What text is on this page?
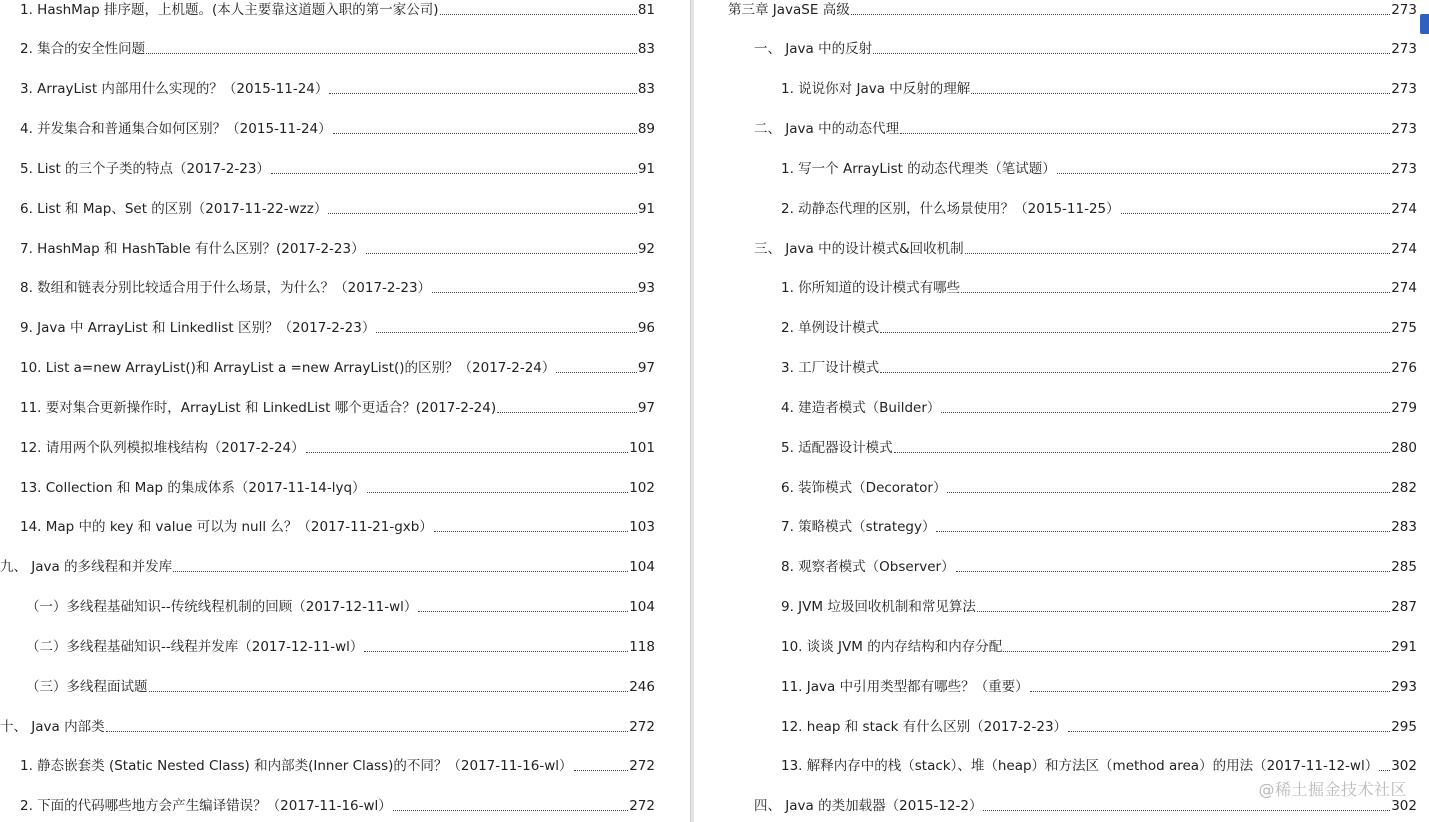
1. HashMap 排序题，上机题。(本人主要靠这道题入职的第一家公司)	81
2. 集合的安全性问题	83
3. ArrayList 内部用什么实现的？（2015-11-24）	83
4. 并发集合和普通集合如何区别？（2015-11-24）	89
5. List 的三个子类的特点（2017-2-23）	91
6. List 和 Map、Set 的区别（2017-11-22-wzz）	91
7. HashMap 和 HashTable 有什么区别？(2017-2-23）	92
8. 数组和链表分别比较适合用于什么场景，为什么？（2017-2-23）	93
9. Java 中 ArrayList 和 Linkedlist 区别？（2017-2-23）	96
10. List a=new ArrayList()和 ArrayList a =new ArrayList()的区别？（2017-2-24）	97
11. 要对集合更新操作时，ArrayList 和 LinkedList 哪个更适合？(2017-2-24)	97
12. 请用两个队列模拟堆栈结构（2017-2-24）	101
13. Collection 和 Map 的集成体系（2017-11-14-lyq）	102
14. Map 中的 key 和 value 可以为 null 么？（2017-11-21-gxb）	103
九、 Java 的多线程和并发库	104
（一）多线程基础知识--传统线程机制的回顾（2017-12-11-wl）	104
（二）多线程基础知识--线程并发库（2017-12-11-wl）	118
（三）多线程面试题	246
十、 Java 内部类	272
1. 静态嵌套类 (Static Nested Class) 和内部类(Inner Class)的不同？（2017-11-16-wl）	272
2. 下面的代码哪些地方会产生编译错误？（2017-11-16-wl）	272
第三章 JavaSE 高级	273
一、 Java 中的反射	273
1. 说说你对 Java 中反射的理解	273
二、 Java 中的动态代理	273
1. 写一个 ArrayList 的动态代理类（笔试题）	273
2. 动静态代理的区别，什么场景使用？（2015-11-25）	274
三、 Java 中的设计模式&回收机制	274
1. 你所知道的设计模式有哪些	274
2. 单例设计模式	275
3. 工厂设计模式	276
4. 建造者模式（Builder）	279
5. 适配器设计模式	280
6. 装饰模式（Decorator）	282
7. 策略模式（strategy）	283
8. 观察者模式（Observer）	285
9. JVM 垃圾回收机制和常见算法	287
10. 谈谈 JVM 的内存结构和内存分配	291
11. Java 中引用类型都有哪些？（重要）	293
12. heap 和 stack 有什么区别（2017-2-23）	295
13. 解释内存中的栈（stack）、堆（heap）和方法区（method area）的用法（2017-11-12-wl） 302
四、 Java 的类加载器（2015-12-2）	302
@稀土掘金技术社区
